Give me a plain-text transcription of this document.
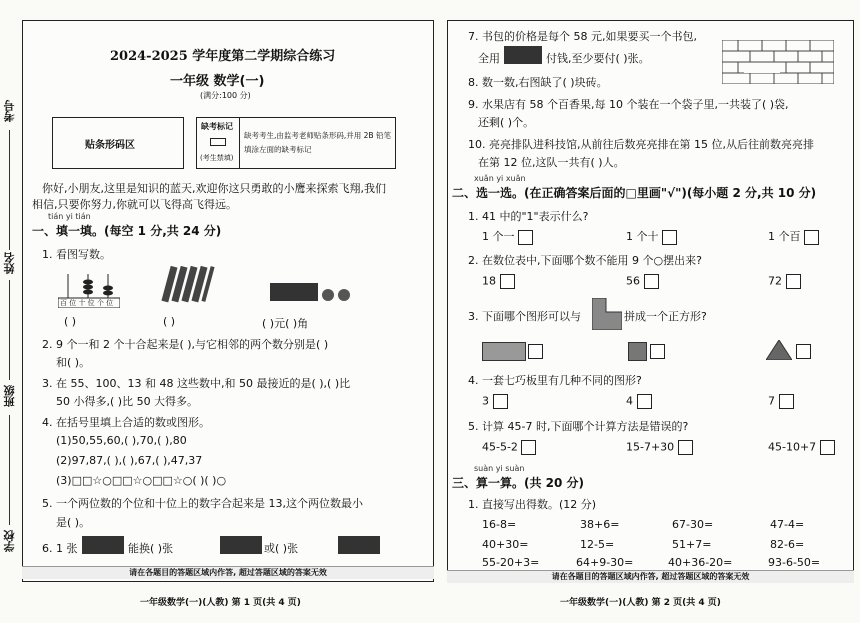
考号
姓名
班级
学校
2024-2025 学年度第二学期综合练习
一年级 数学(一)
(满分:100 分)
贴条形码区
缺考标记
(考生禁填)
缺考考生,由监考老师贴条形码,并用 2B 铅笔
填涂左面的缺考标记
你好,小朋友,这里是知识的蓝天,欢迎你这只勇敢的小鹰来探索飞翔,我们
相信,只要你努力,你就可以飞得高飞得远。
tián yi tián
一、填一填。(每空 1 分,共 24 分)
1. 看图写数。
百 位 十 位 个 位
( )	( )	( )元( )角
2. 9 个一和 2 个十合起来是( ),与它相邻的两个数分别是( )
和( )。
3. 在 55、100、13 和 48 这些数中,和 50 最接近的是( ),( )比
50 小得多,( )比 50 大得多。
4. 在括号里填上合适的数或图形。
(1)50,55,60,( ),70,( ),80
(2)97,87,( ),( ),67,( ),47,37
(3)□□☆○□□☆○□□☆○( )( )○
5. 一个两位数的个位和十位上的数字合起来是 13,这个两位数最小
是( )。
6. 1 张	能换( )张	或( )张
请在各题目的答题区域内作答, 超过答题区域的答案无效
一年级数学(一)(人教) 第 1 页(共 4 页)
7. 书包的价格是每个 58 元,如果要买一个书包,
全用	付钱,至少要付( )张。
8. 数一数,右图缺了( )块砖。
9. 水果店有 58 个百香果,每 10 个装在一个袋子里,一共装了( )袋,
还剩( )个。
10. 亮亮排队进科技馆,从前往后数亮亮排在第 15 位,从后往前数亮亮排
在第 12 位,这队一共有( )人。
xuǎn yi xuǎn
二、选一选。(在正确答案后面的□里画"√")(每小题 2 分,共 10 分)
1. 41 中的"1"表示什么?
1 个一	1 个十	1 个百
2. 在数位表中,下面哪个数不能用 9 个○摆出来?
18	56	72
3. 下面哪个图形可以与	拼成一个正方形?
4. 一套七巧板里有几种不同的图形?
3	4	7
5. 计算 45-7 时,下面哪个计算方法是错误的?
45-5-2	15-7+30	45-10+7
suàn yi suàn
三、算一算。(共 20 分)
1. 直接写出得数。(12 分)
16-8=	38+6=	67-30=	47-4=
40+30=	12-5=	51+7=	82-6=
55-20+3=	64+9-30=	40+36-20=	93-6-50=
请在各题目的答题区域内作答, 超过答题区域的答案无效
一年级数学(一)(人教) 第 2 页(共 4 页)
